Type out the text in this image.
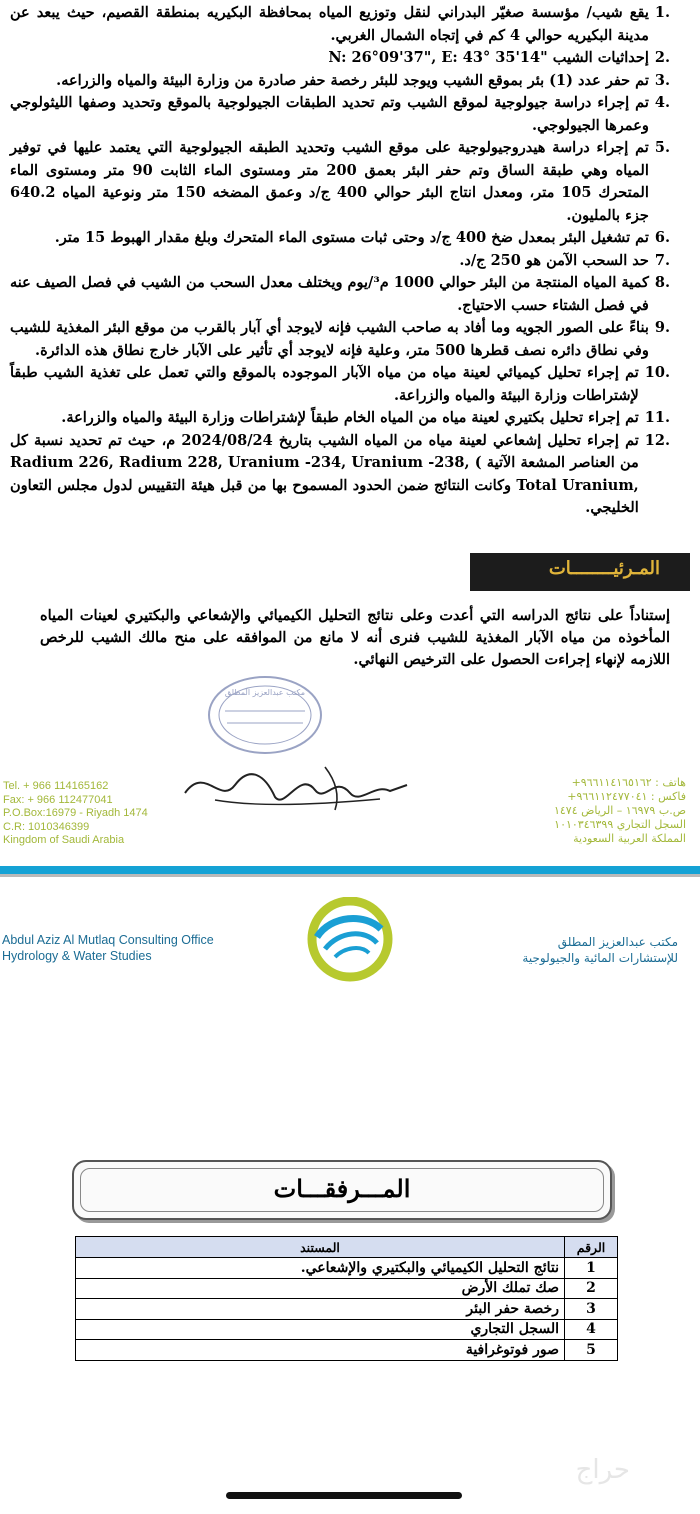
1.
يقع شيب/ مؤسسة صغيّر البدراني لنقل وتوزيع المياه بمحافظة البكيريه بمنطقة القصيم، حيث يبعد عن مدينة البكيريه حوالي 4 كم في إتجاه الشمال الغربي.
2.
إحداثيات الشيب N: 26°09'37", E: 43° 35'14"
3.
تم حفر عدد (1) بئر بموقع الشيب ويوجد للبئر رخصة حفر صادرة من وزارة البيئة والمياه والزراعه.
4.
تم إجراء دراسة جيولوجية لموقع الشيب وتم تحديد الطبقات الجيولوجية بالموقع وتحديد وصفها الليثولوجي وعمرها الجيولوجي.
5.
تم إجراء دراسة هيدروجيولوجية على موقع الشيب وتحديد الطبقه الجيولوجية التي يعتمد عليها في توفير المياه وهي طبقة الساق وتم حفر البئر بعمق 200 متر ومستوى الماء الثابت 90 متر ومستوى الماء المتحرك 105 متر، ومعدل انتاج البئر حوالي 400 ج/د وعمق المضخه 150 متر ونوعية المياه 640.2 جزء بالمليون.
6.
تم تشغيل البئر بمعدل ضخ 400 ج/د وحتى ثبات مستوى الماء المتحرك وبلغ مقدار الهبوط 15 متر.
7.
حد السحب الآمن هو 250 ج/د.
8.
كمية المياه المنتجة من البئر حوالي 1000 م³/يوم ويختلف معدل السحب من الشيب في فصل الصيف عنه في فصل الشتاء حسب الاحتياج.
9.
بناءً على الصور الجويه وما أفاد به صاحب الشيب فإنه لايوجد أي آبار بالقرب من موقع البئر المغذية للشيب وفي نطاق دائره نصف قطرها 500 متر، وعلية فإنه لايوجد أي تأثير على الآبار خارج نطاق هذه الدائرة.
10.
تم إجراء تحليل كيميائي لعينة مياه من مياه الآبار الموجوده بالموقع والتي تعمل على تغذية الشيب طبقاً لإشتراطات وزارة البيئة والمياه والزراعة.
11.
تم إجراء تحليل بكتيري لعينة مياه من المياه الخام طبقاً لإشتراطات وزارة البيئة والمياه والزراعة.
12.
تم إجراء تحليل إشعاعي لعينة مياه من المياه الشيب بتاريخ 2024/08/24 م، حيث تم تحديد نسبة كل من العناصر المشعة الآتية Radium 226, Radium 228, Uranium -234, Uranium -238, ( Total Uranium, وكانت النتائج ضمن الحدود المسموح بها من قبل هيئة التقييس لدول مجلس التعاون الخليجي.
المـرئيــــــــات
إستناداً على نتائج الدراسه التي أعدت وعلى نتائج التحليل الكيميائي والإشعاعي والبكتيري لعينات المياه المأخوذه من مياه الآبار المغذية للشيب فنرى أنه لا مانع من الموافقه على منح مالك الشيب للرخص اللازمه لإنهاء إجراءت الحصول على الترخيص النهائي.
مكتب عبدالعزيز المطلق
Tel. + 966 114165162
Fax: + 966 112477041
P.O.Box:16979 - Riyadh 1474
C.R: 1010346399
Kingdom of Saudi Arabia
هاتف : ٩٦٦١١٤١٦٥١٦٢+
فاكس : ٩٦٦١١٢٤٧٧٠٤١+
ص.ب ١٦٩٧٩ – الرياض ١٤٧٤
السجل التجاري ١٠١٠٣٤٦٣٩٩
المملكة العربية السعودية
Abdul Aziz Al Mutlaq Consulting Office
Hydrology & Water Studies
مكتب عبدالعزيز المطلق
للإستشارات المائية والجيولوجية
المـــرفقـــات
الرقم	المستند
1	نتائج التحليل الكيميائي والبكتيري والإشعاعي.
2	صك تملك الأرض
3	رخصة حفر البئر
4	السجل التجاري
5	صور فوتوغرافية
حراج
